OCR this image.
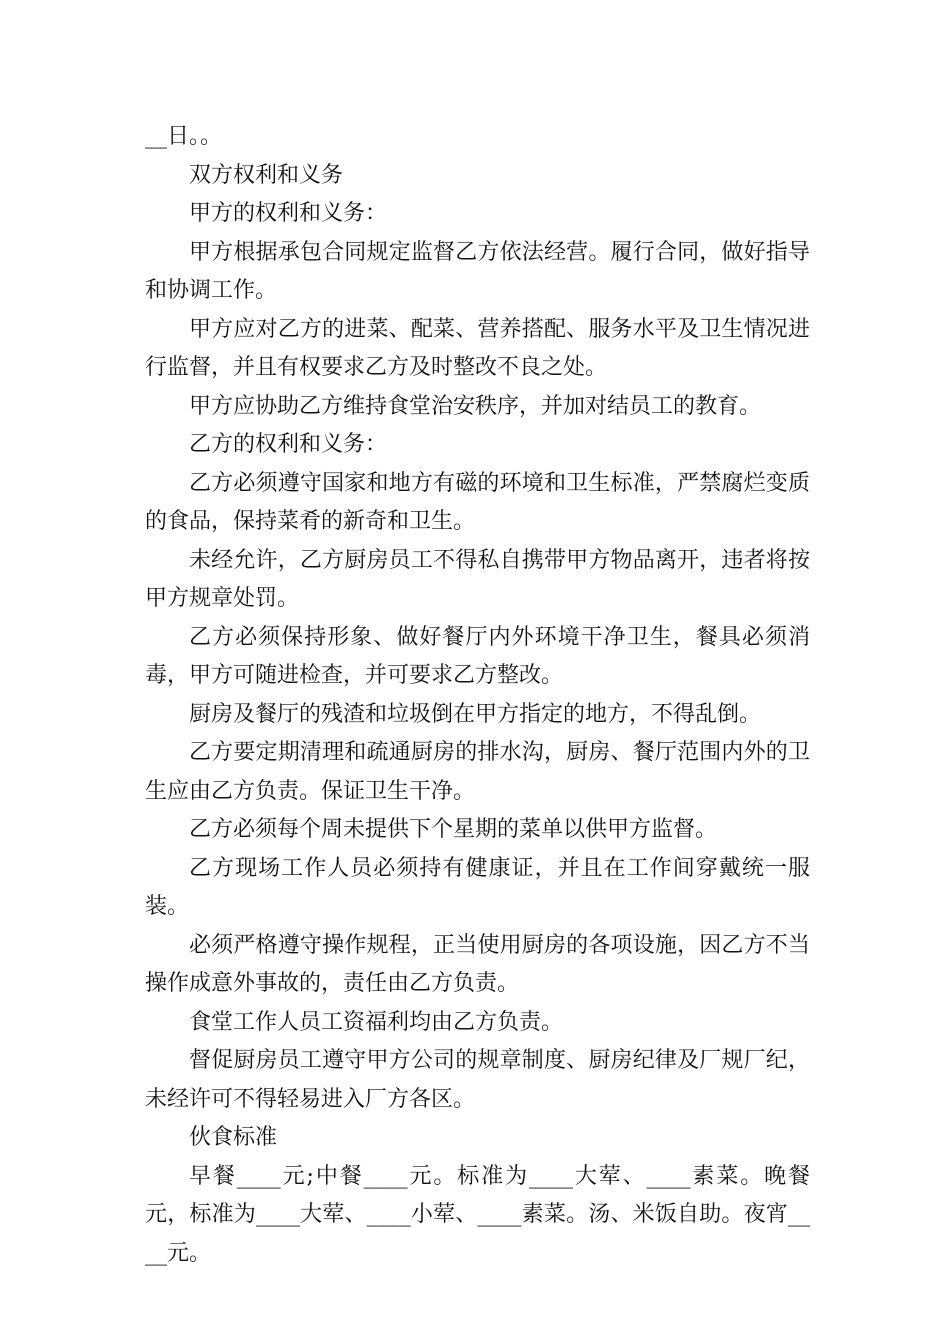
__日。。

双方权利和义务

甲方的权利和义务：

甲方根据承包合同规定监督乙方依法经营。履行合同，做好指导和协调工作。

甲方应对乙方的进菜、配菜、营养搭配、服务水平及卫生情况进行监督，并且有权要求乙方及时整改不良之处。

甲方应协助乙方维持食堂治安秩序，并加对结员工的教育。

乙方的权利和义务：

乙方必须遵守国家和地方有磁的环境和卫生标准，严禁腐烂变质的食品，保持菜肴的新奇和卫生。

未经允许，乙方厨房员工不得私自携带甲方物品离开，违者将按甲方规章处罚。

乙方必须保持形象、做好餐厅内外环境干净卫生，餐具必须消毒，甲方可随进检查，并可要求乙方整改。

厨房及餐厅的残渣和垃圾倒在甲方指定的地方，不得乱倒。

乙方要定期清理和疏通厨房的排水沟，厨房、餐厅范围内外的卫生应由乙方负责。保证卫生干净。

乙方必须每个周未提供下个星期的菜单以供甲方监督。

乙方现场工作人员必须持有健康证，并且在工作间穿戴统一服装。

必须严格遵守操作规程，正当使用厨房的各项设施，因乙方不当操作成意外事故的，责任由乙方负责。

食堂工作人员工资福利均由乙方负责。

督促厨房员工遵守甲方公司的规章制度、厨房纪律及厂规厂纪，未经许可不得轻易进入厂方各区。

伙食标准

早餐____元;中餐____元。标准为____大荤、____素菜。晚餐元，标准为____大荤、____小荤、____素菜。汤、米饭自助。夜宵____元。
